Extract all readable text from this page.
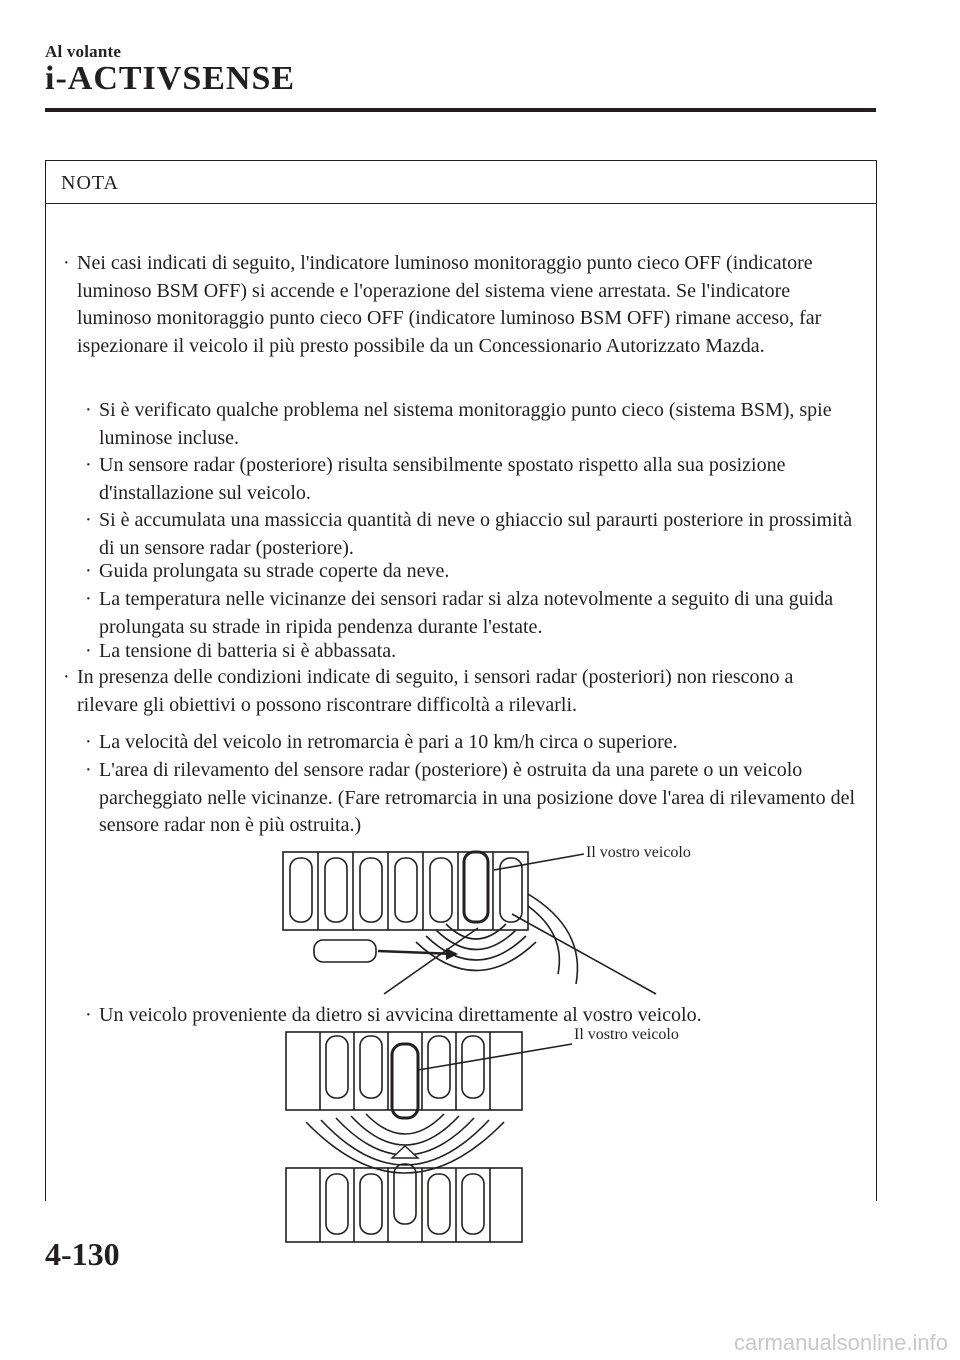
Al volante
i-ACTIVSENSE
NOTA
· Nei casi indicati di seguito, l'indicatore luminoso monitoraggio punto cieco OFF (indicatore luminoso BSM OFF) si accende e l'operazione del sistema viene arrestata. Se l'indicatore luminoso monitoraggio punto cieco OFF (indicatore luminoso BSM OFF) rimane acceso, far ispezionare il veicolo il più presto possibile da un Concessionario Autorizzato Mazda.
· Si è verificato qualche problema nel sistema monitoraggio punto cieco (sistema BSM), spie luminose incluse.
· Un sensore radar (posteriore) risulta sensibilmente spostato rispetto alla sua posizione d'installazione sul veicolo.
· Si è accumulata una massiccia quantità di neve o ghiaccio sul paraurti posteriore in prossimità di un sensore radar (posteriore).
· Guida prolungata su strade coperte da neve.
· La temperatura nelle vicinanze dei sensori radar si alza notevolmente a seguito di una guida prolungata su strade in ripida pendenza durante l'estate.
· La tensione di batteria si è abbassata.
· In presenza delle condizioni indicate di seguito, i sensori radar (posteriori) non riescono a rilevare gli obiettivi o possono riscontrare difficoltà a rilevarli.
· La velocità del veicolo in retromarcia è pari a 10 km/h circa o superiore.
· L'area di rilevamento del sensore radar (posteriore) è ostruita da una parete o un veicolo parcheggiato nelle vicinanze. (Fare retromarcia in una posizione dove l'area di rilevamento del sensore radar non è più ostruita.)
Il vostro veicolo
· Un veicolo proveniente da dietro si avvicina direttamente al vostro veicolo.
Il vostro veicolo
4-130
carmanualsonline.info
